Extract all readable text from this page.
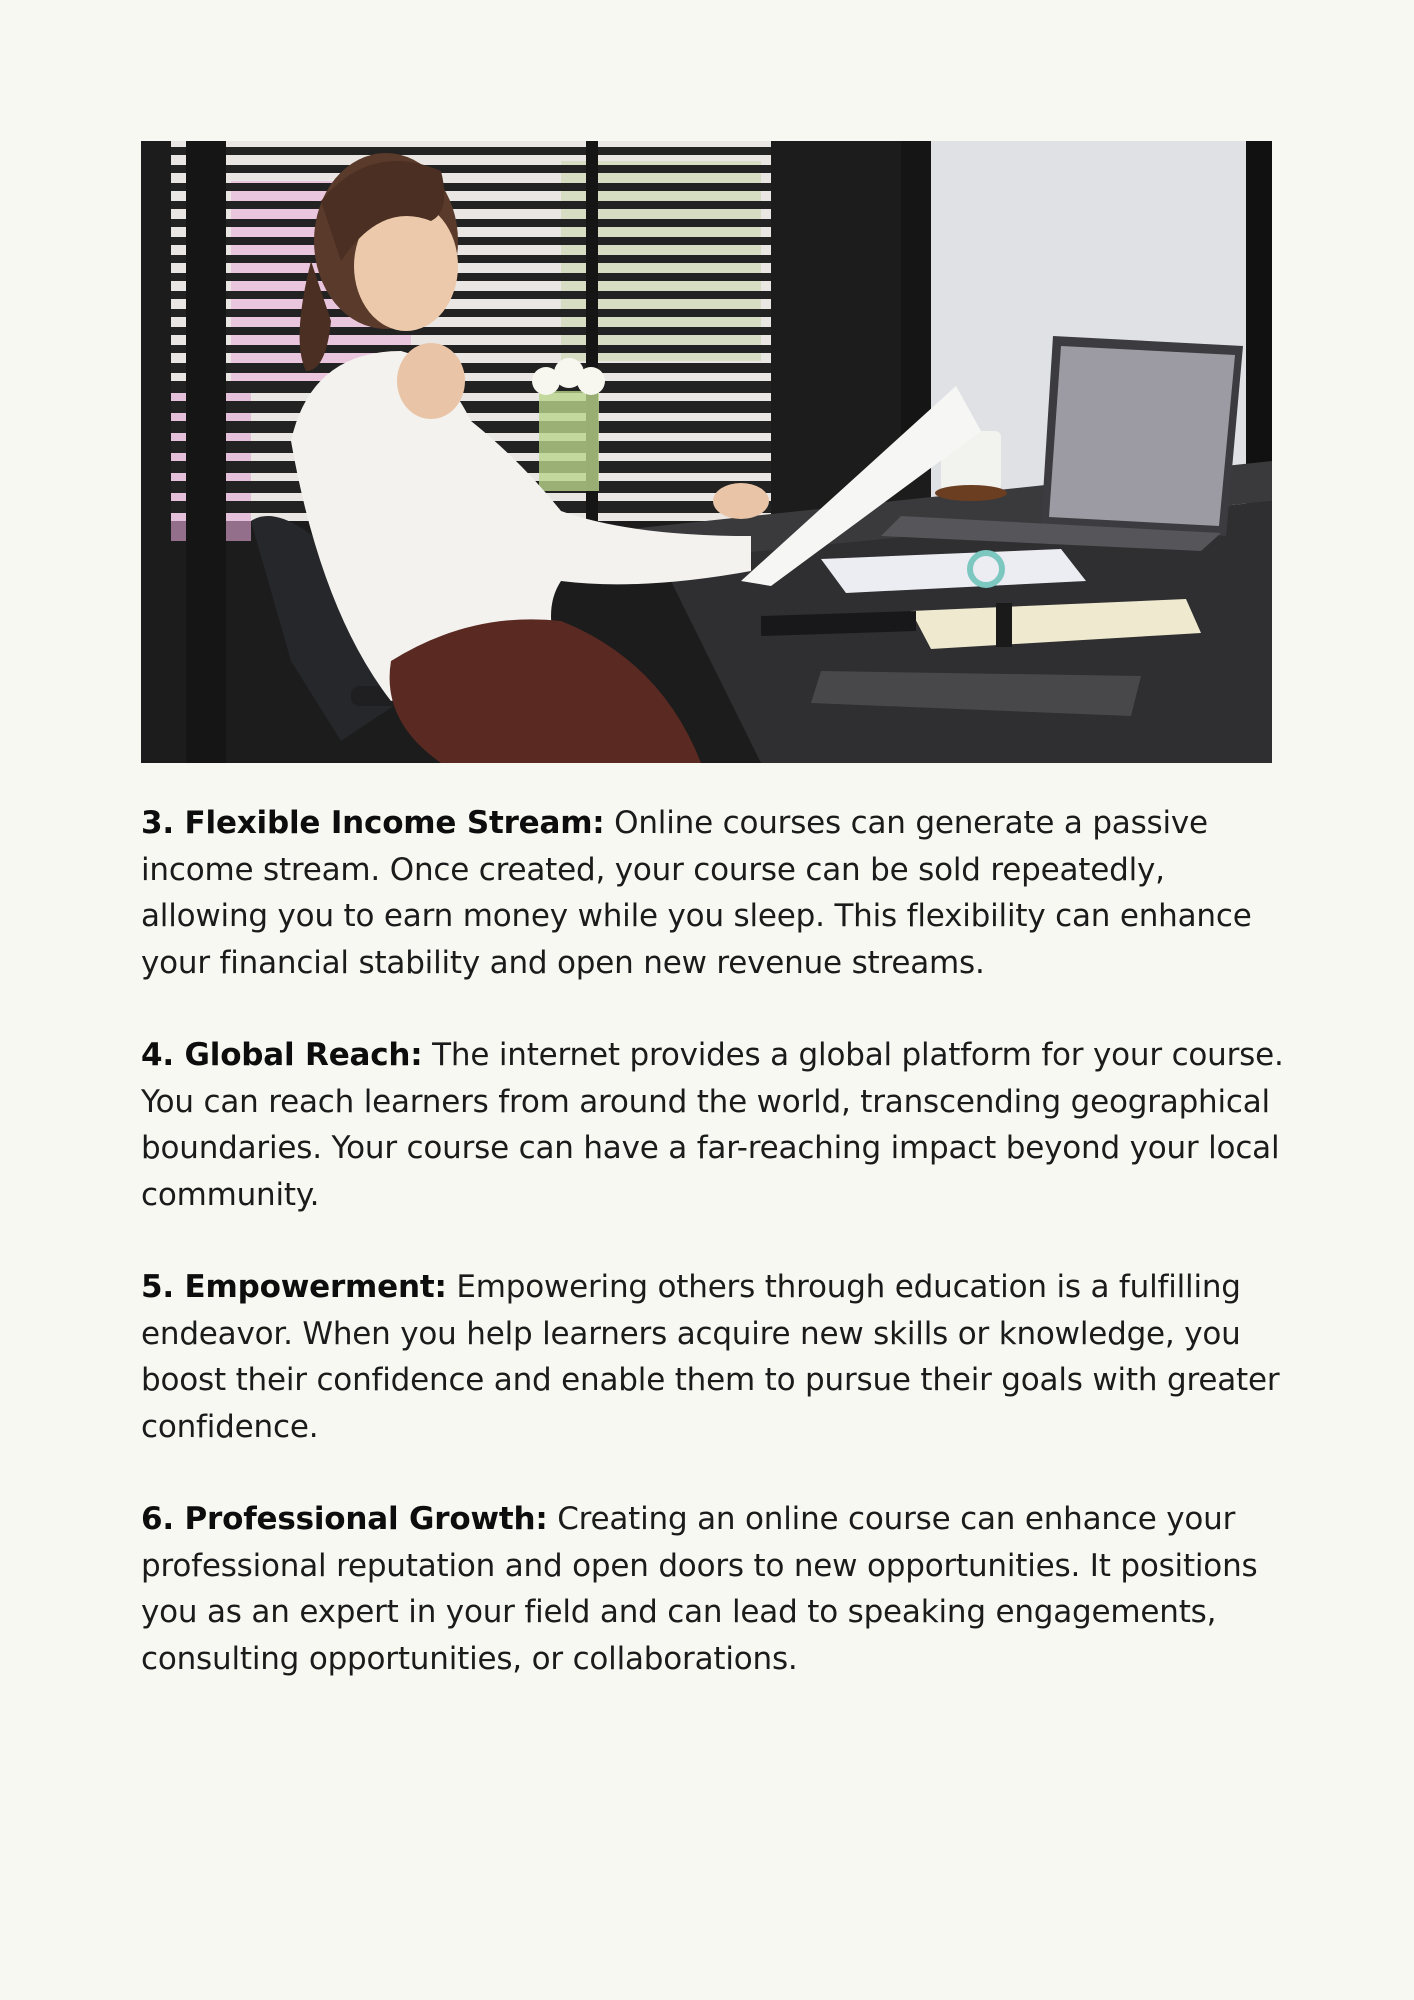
3. Flexible Income Stream: Online courses can generate a passive income stream. Once created, your course can be sold repeatedly, allowing you to earn money while you sleep. This flexibility can enhance your financial stability and open new revenue streams.

4. Global Reach: The internet provides a global platform for your course. You can reach learners from around the world, transcending geographical boundaries. Your course can have a far-reaching impact beyond your local community.

5. Empowerment: Empowering others through education is a fulfilling endeavor. When you help learners acquire new skills or knowledge, you boost their confidence and enable them to pursue their goals with greater confidence.

6. Professional Growth: Creating an online course can enhance your professional reputation and open doors to new opportunities. It positions you as an expert in your field and can lead to speaking engagements, consulting opportunities, or collaborations.
